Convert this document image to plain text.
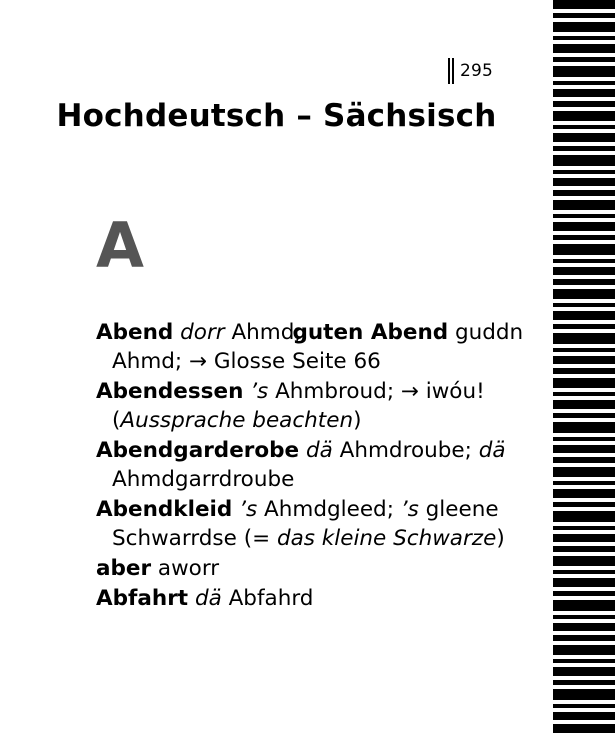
295
Hochdeutsch – Sächsisch
A

Abend dorr Ahmd; guten Abend guddn Ahmd; → Glosse Seite 66

Abendessen ’s Ahmbroud; → iwóu! (Aussprache beachten)

Abendgarderobe dä Ahmdroube; dä Ahmdgarrdroube

Abendkleid ’s Ahmdgleed; ’s gleene Schwarrdse (= das kleine Schwarze)

aber aworr

Abfahrt dä Abfahrd
